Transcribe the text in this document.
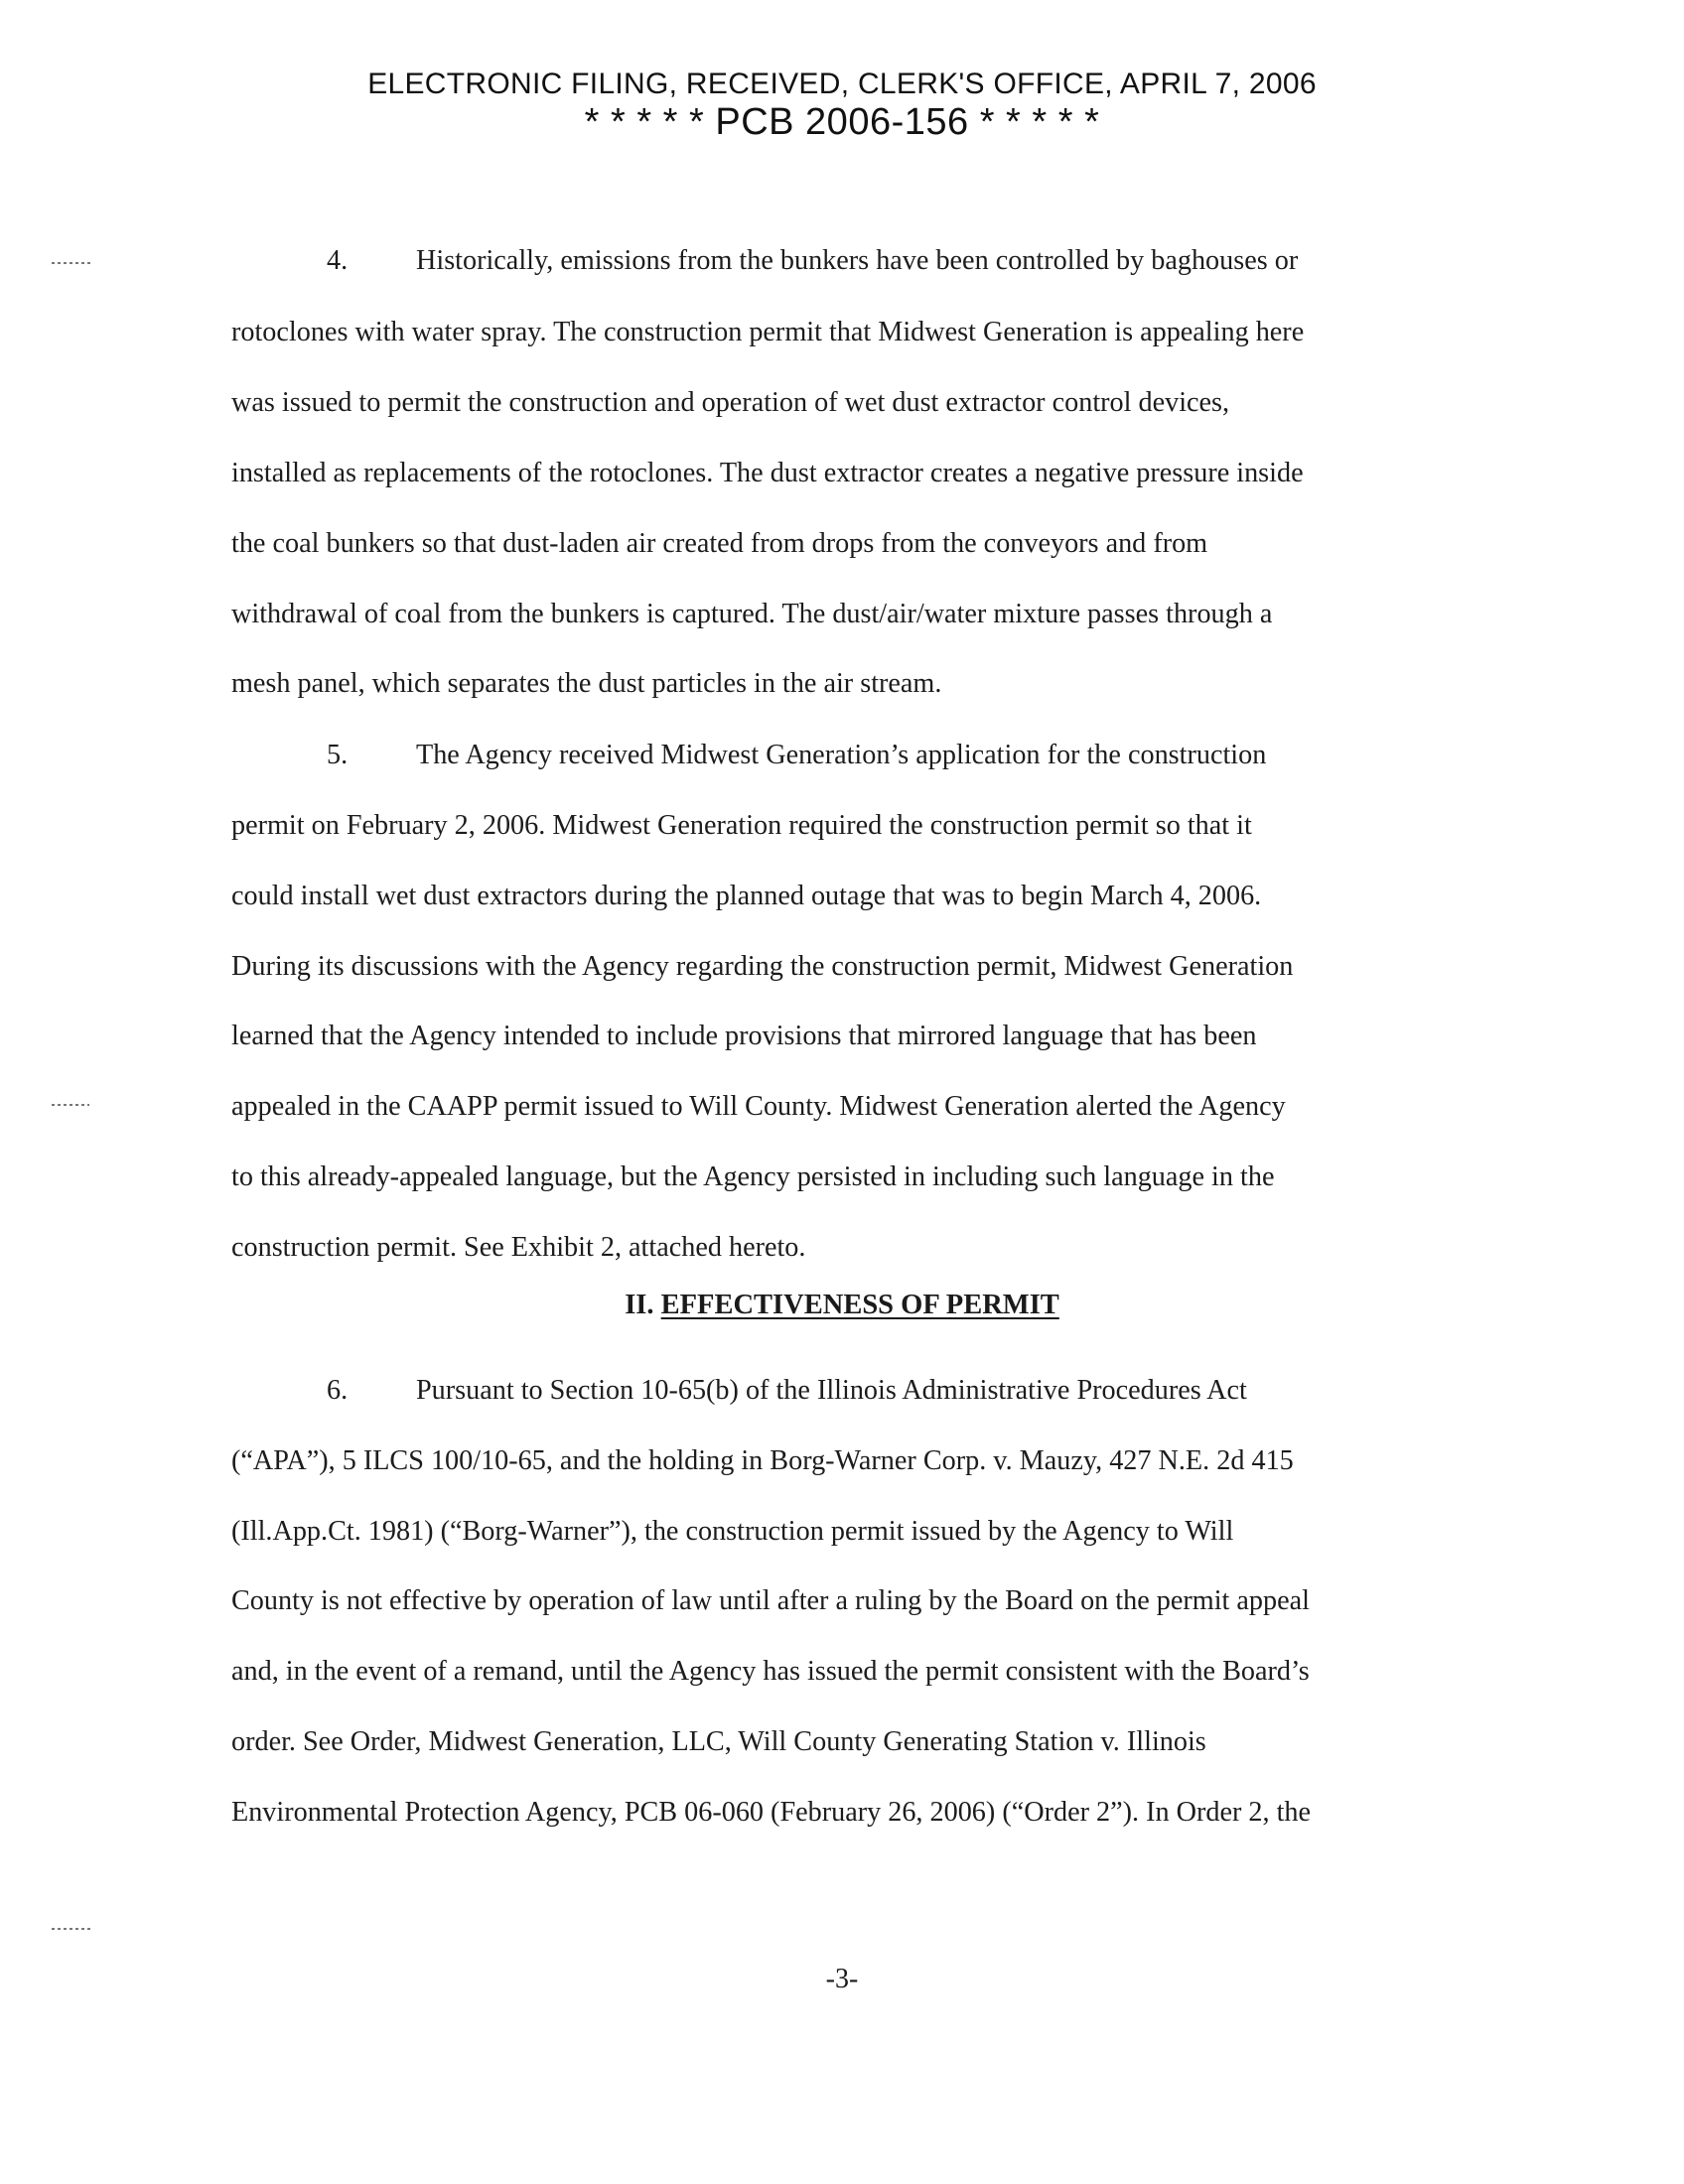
ELECTRONIC FILING, RECEIVED, CLERK'S OFFICE, APRIL 7, 2006
* * * * * PCB 2006-156 * * * * *
4. Historically, emissions from the bunkers have been controlled by baghouses or
rotoclones with water spray. The construction permit that Midwest Generation is appealing here
was issued to permit the construction and operation of wet dust extractor control devices,
installed as replacements of the rotoclones. The dust extractor creates a negative pressure inside
the coal bunkers so that dust-laden air created from drops from the conveyors and from
withdrawal of coal from the bunkers is captured. The dust/air/water mixture passes through a
mesh panel, which separates the dust particles in the air stream.
5. The Agency received Midwest Generation’s application for the construction
permit on February 2, 2006. Midwest Generation required the construction permit so that it
could install wet dust extractors during the planned outage that was to begin March 4, 2006.
During its discussions with the Agency regarding the construction permit, Midwest Generation
learned that the Agency intended to include provisions that mirrored language that has been
appealed in the CAAPP permit issued to Will County. Midwest Generation alerted the Agency
to this already-appealed language, but the Agency persisted in including such language in the
construction permit. See Exhibit 2, attached hereto.
6. Pursuant to Section 10-65(b) of the Illinois Administrative Procedures Act
(“APA”), 5 ILCS 100/10-65, and the holding in Borg-Warner Corp. v. Mauzy, 427 N.E. 2d 415
(Ill.App.Ct. 1981) (“Borg-Warner”), the construction permit issued by the Agency to Will
County is not effective by operation of law until after a ruling by the Board on the permit appeal
and, in the event of a remand, until the Agency has issued the permit consistent with the Board’s
order. See Order, Midwest Generation, LLC, Will County Generating Station v. Illinois
Environmental Protection Agency, PCB 06-060 (February 26, 2006) (“Order 2”). In Order 2, the
II. EFFECTIVENESS OF PERMIT
-3-
